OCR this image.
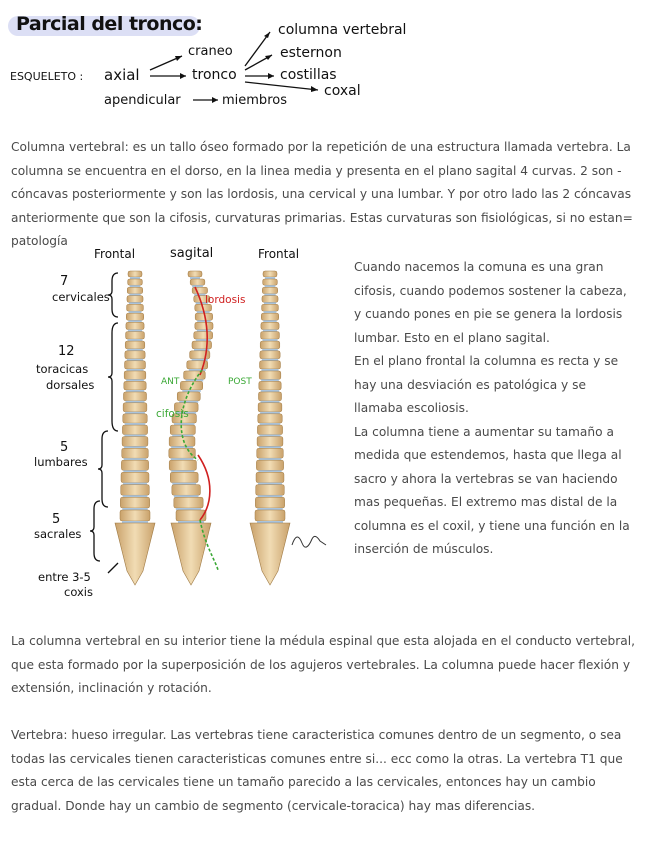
Parcial del tronco:
ESQUELETO : axial
apendicular	miembros
craneo
tronco
columna vertebral
esternon
costillas
coxal

Columna vertebral: es un tallo óseo formado por la repetición de una estructura llamada vertebra. La columna se encuentra en el dorso, en la linea media y presenta en el plano sagital 4 curvas. 2 son - cóncavas posteriormente y son las lordosis, una cervical y una lumbar. Y por otro lado las 2 cóncavas anteriormente que son la cifosis, curvaturas primarias. Estas curvaturas son fisiológicas, si no estan= patología

Frontal	sagital	Frontal
7
cervicales
12
toracicas
dorsales
5
lumbares
5
sacrales
entre 3-5
coxis
lordosis
cifosis
ANT	POST

Cuando nacemos la comuna es una gran cifosis, cuando podemos sostener la cabeza, y cuando pones en pie se genera la lordosis lumbar. Esto en el plano sagital.

En el plano frontal la columna es recta y se hay una desviación es patológica y se llamaba escoliosis.

La columna tiene a aumentar su tamaño a medida que estendemos, hasta que llega al sacro y ahora la vertebras se van haciendo mas pequeñas. El extremo mas distal de la columna es el coxil, y tiene una función en la inserción de músculos.

La columna vertebral en su interior tiene la médula espinal que esta alojada en el conducto vertebral, que esta formado por la superposición de los agujeros vertebrales. La columna puede hacer flexión y extensión, inclinación y rotación.

Vertebra: hueso irregular. Las vertebras tiene caracteristica comunes dentro de un segmento, o sea todas las cervicales tienen caracteristicas comunes entre si... ecc como la otras. La vertebra T1 que esta cerca de las cervicales tiene un tamaño parecido a las cervicales, entonces hay un cambio gradual. Donde hay un cambio de segmento (cervicale-toracica) hay mas diferencias.
